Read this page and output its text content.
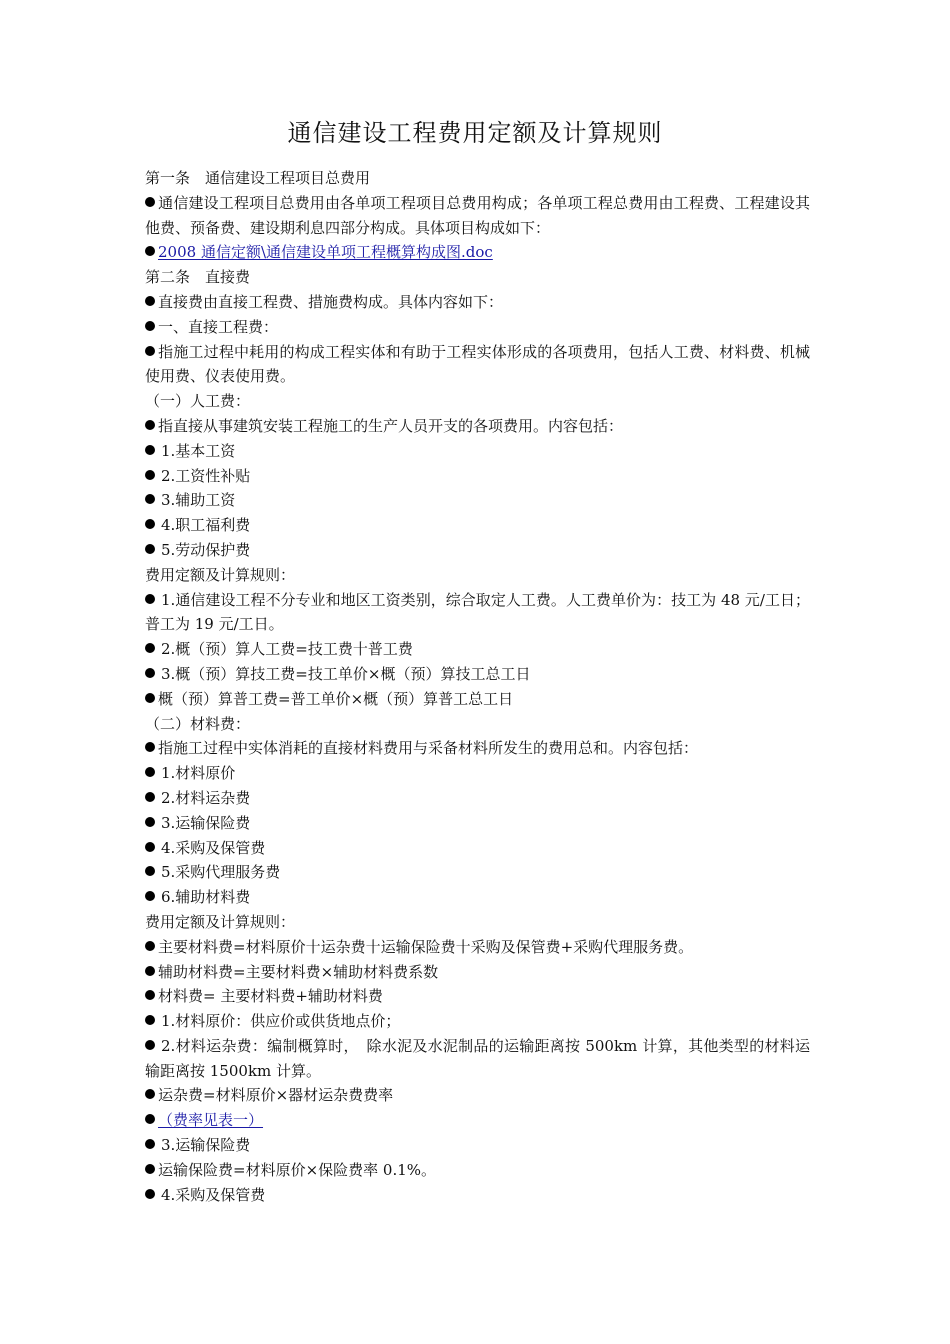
通信建设工程费用定额及计算规则
第一条　通信建设工程项目总费用
通信建设工程项目总费用由各单项工程项目总费用构成；各单项工程总费用由工程费、工程建设其他费、预备费、建设期利息四部分构成。具体项目构成如下：
2008 通信定额\通信建设单项工程概算构成图.doc
第二条　直接费
直接费由直接工程费、措施费构成。具体内容如下：
一、直接工程费：
指施工过程中耗用的构成工程实体和有助于工程实体形成的各项费用，包括人工费、材料费、机械使用费、仪表使用费。
（一）人工费：
指直接从事建筑安装工程施工的生产人员开支的各项费用。内容包括：
1.基本工资
2.工资性补贴
3.辅助工资
4.职工福利费
5.劳动保护费
费用定额及计算规则：
1.通信建设工程不分专业和地区工资类别，综合取定人工费。人工费单价为：技工为 48 元/工日；普工为 19 元/工日。
2.概（预）算人工费=技工费十普工费
3.概（预）算技工费=技工单价×概（预）算技工总工日
概（预）算普工费=普工单价×概（预）算普工总工日
（二）材料费：
指施工过程中实体消耗的直接材料费用与采备材料所发生的费用总和。内容包括：
1.材料原价
2.材料运杂费
3.运输保险费
4.采购及保管费
5.采购代理服务费
6.辅助材料费
费用定额及计算规则：
主要材料费=材料原价十运杂费十运输保险费十采购及保管费+采购代理服务费。
辅助材料费=主要材料费×辅助材料费系数
材料费= 主要材料费+辅助材料费
1.材料原价：供应价或供货地点价；
2.材料运杂费：编制概算时，　除水泥及水泥制品的运输距离按 500km 计算，其他类型的材料运输距离按 1500km 计算。
运杂费=材料原价×器材运杂费费率
（费率见表一）
3.运输保险费
运输保险费=材料原价×保险费率 0.1%。
4.采购及保管费
